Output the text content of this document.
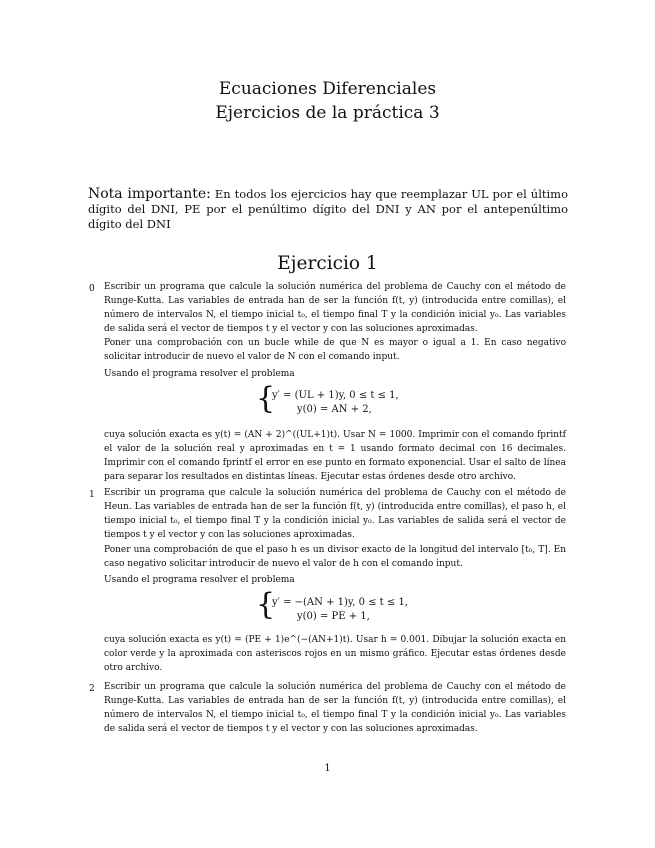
Ecuaciones Diferenciales
Ejercicios de la práctica 3
Nota importante: En todos los ejercicios hay que reemplazar UL por el último dígito del DNI, PE por el penúltimo dígito del DNI y AN por el antepenúltimo dígito del DNI
Ejercicio 1
0 Escribir un programa que calcule la solución numérica del problema de Cauchy con el método de Runge-Kutta. Las variables de entrada han de ser la función f(t, y) (introducida entre comillas), el número de intervalos N, el tiempo inicial t₀, el tiempo final T y la condición inicial y₀. Las variables de salida será el vector de tiempos t y el vector y con las soluciones aproximadas.
Poner una comprobación con un bucle while de que N es mayor o igual a 1. En caso negativo solicitar introducir de nuevo el valor de N con el comando input.
Usando el programa resolver el problema
{
y′ = (UL + 1)y, 0 ≤ t ≤ 1,
y(0) = AN + 2,
cuya solución exacta es y(t) = (AN + 2)^((UL+1)t). Usar N = 1000. Imprimir con el comando fprintf el valor de la solución real y aproximadas en t = 1 usando formato decimal con 16 decimales. Imprimir con el comando fprintf el error en ese punto en formato exponencial. Usar el salto de línea para separar los resultados en distintas líneas. Ejecutar estas órdenes desde otro archivo.
1 Escribir un programa que calcule la solución numérica del problema de Cauchy con el método de Heun. Las variables de entrada han de ser la función f(t, y) (introducida entre comillas), el paso h, el tiempo inicial t₀, el tiempo final T y la condición inicial y₀. Las variables de salida será el vector de tiempos t y el vector y con las soluciones aproximadas.
Poner una comprobación de que el paso h es un divisor exacto de la longitud del intervalo [t₀, T]. En caso negativo solicitar introducir de nuevo el valor de h con el comando input.
Usando el programa resolver el problema
{
y′ = −(AN + 1)y, 0 ≤ t ≤ 1,
y(0) = PE + 1,
cuya solución exacta es y(t) = (PE + 1)e^(−(AN+1)t). Usar h = 0.001. Dibujar la solución exacta en color verde y la aproximada con asteriscos rojos en un mismo gráfico. Ejecutar estas órdenes desde otro archivo.
2 Escribir un programa que calcule la solución numérica del problema de Cauchy con el método de Runge-Kutta. Las variables de entrada han de ser la función f(t, y) (introducida entre comillas), el número de intervalos N, el tiempo inicial t₀, el tiempo final T y la condición inicial y₀. Las variables de salida será el vector de tiempos t y el vector y con las soluciones aproximadas.
1
